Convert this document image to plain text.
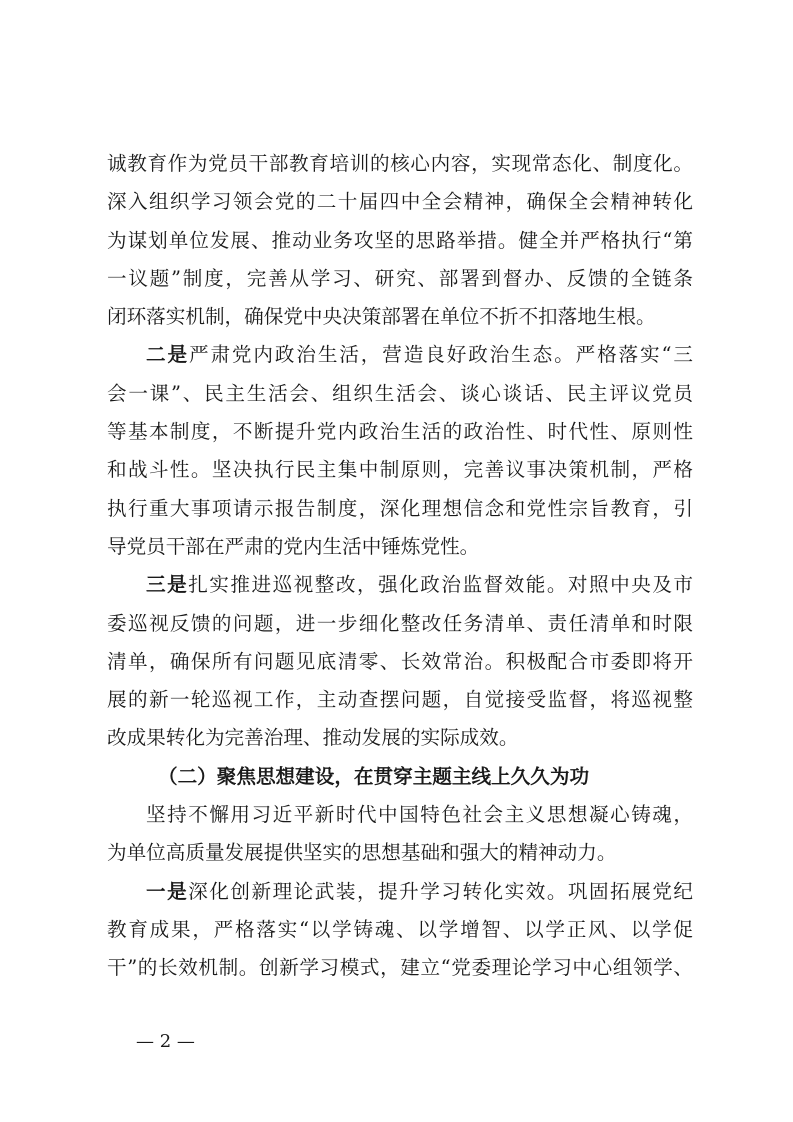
诚教育作为党员干部教育培训的核心内容，实现常态化、制度化。
深入组织学习领会党的二十届四中全会精神，确保全会精神转化
为谋划单位发展、推动业务攻坚的思路举措。健全并严格执行“第
一议题”制度，完善从学习、研究、部署到督办、反馈的全链条
闭环落实机制，确保党中央决策部署在单位不折不扣落地生根。
二是严肃党内政治生活，营造良好政治生态。严格落实“三
会一课”、民主生活会、组织生活会、谈心谈话、民主评议党员
等基本制度，不断提升党内政治生活的政治性、时代性、原则性
和战斗性。坚决执行民主集中制原则，完善议事决策机制，严格
执行重大事项请示报告制度，深化理想信念和党性宗旨教育，引
导党员干部在严肃的党内生活中锤炼党性。
三是扎实推进巡视整改，强化政治监督效能。对照中央及市
委巡视反馈的问题，进一步细化整改任务清单、责任清单和时限
清单，确保所有问题见底清零、长效常治。积极配合市委即将开
展的新一轮巡视工作，主动查摆问题，自觉接受监督，将巡视整
改成果转化为完善治理、推动发展的实际成效。
（二）聚焦思想建设，在贯穿主题主线上久久为功
坚持不懈用习近平新时代中国特色社会主义思想凝心铸魂，
为单位高质量发展提供坚实的思想基础和强大的精神动力。
一是深化创新理论武装，提升学习转化实效。巩固拓展党纪
教育成果，严格落实“以学铸魂、以学增智、以学正风、以学促
干”的长效机制。创新学习模式，建立“党委理论学习中心组领学、
— 2 —
